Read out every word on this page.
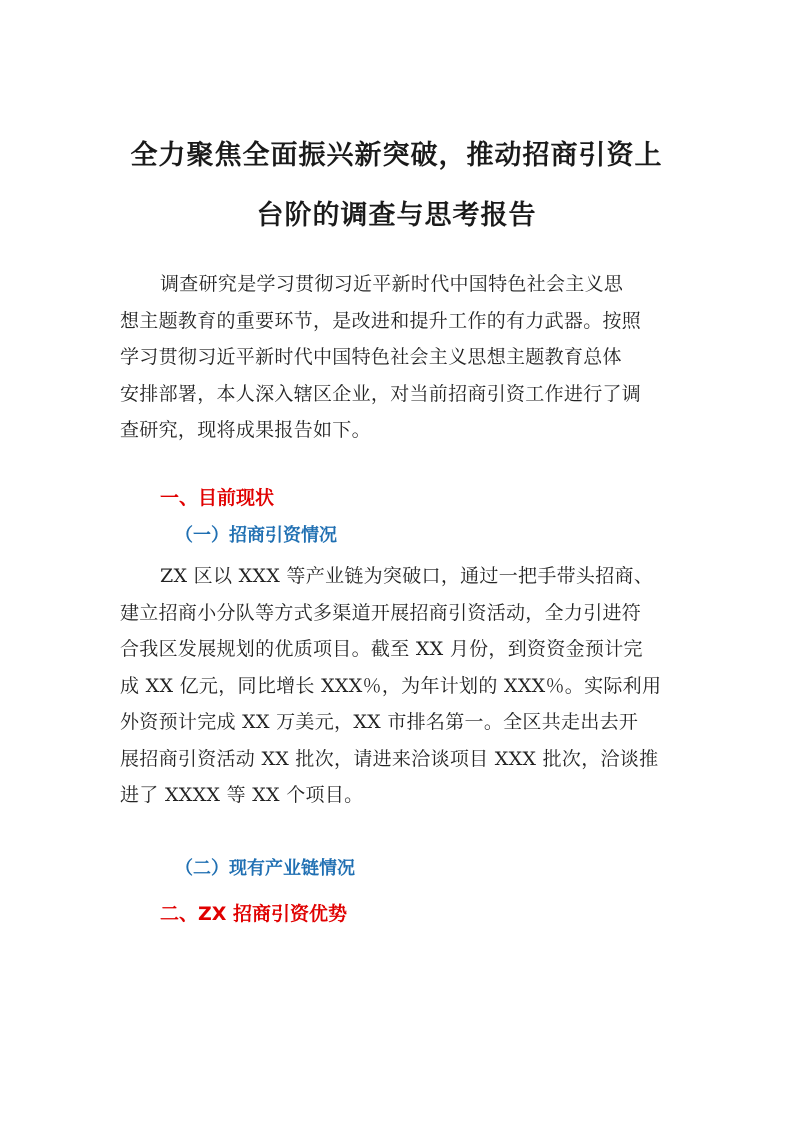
全力聚焦全面振兴新突破，推动招商引资上
台阶的调查与思考报告

调查研究是学习贯彻习近平新时代中国特色社会主义思
想主题教育的重要环节，是改进和提升工作的有力武器。按照
学习贯彻习近平新时代中国特色社会主义思想主题教育总体
安排部署，本人深入辖区企业，对当前招商引资工作进行了调
查研究，现将成果报告如下。

一、目前现状
（一）招商引资情况

ZX 区以 XXX 等产业链为突破口，通过一把手带头招商、
建立招商小分队等方式多渠道开展招商引资活动，全力引进符
合我区发展规划的优质项目。截至 XX 月份，到资资金预计完
成 XX 亿元，同比增长 XXX％，为年计划的 XXX％。实际利用
外资预计完成 XX 万美元，XX 市排名第一。全区共走出去开
展招商引资活动 XX 批次，请进来洽谈项目 XXX 批次，洽谈推
进了 XXXX 等 XX 个项目。

（二）现有产业链情况
二、ZX 招商引资优势
